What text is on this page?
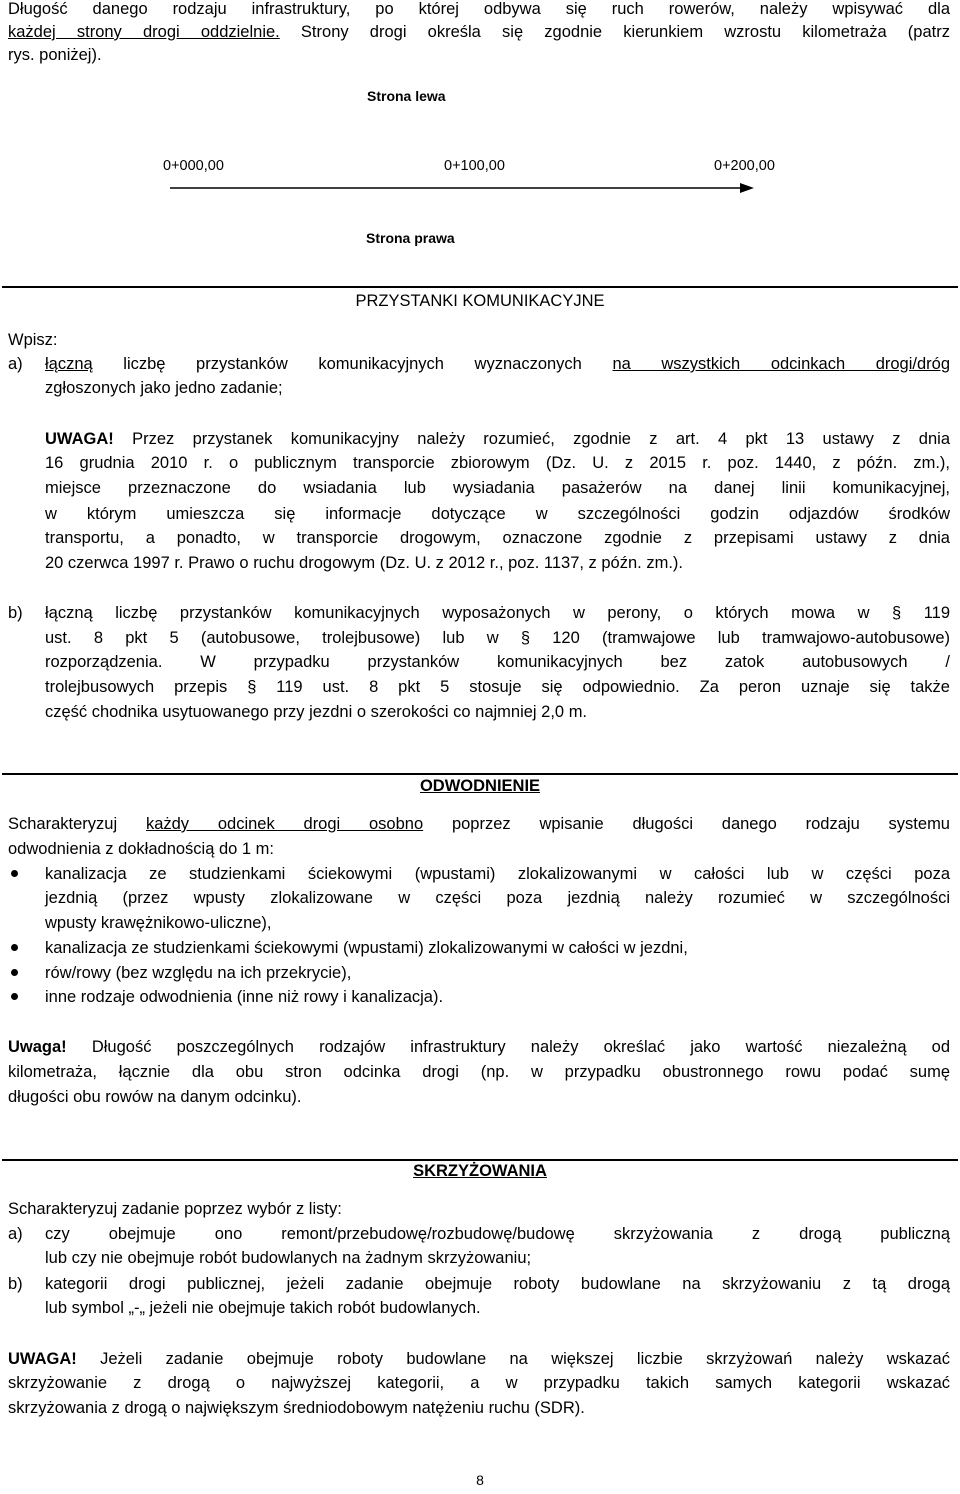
Długość danego rodzaju infrastruktury, po której odbywa się ruch rowerów, należy wpisywać dla
każdej strony drogi oddzielnie. Strony drogi określa się zgodnie kierunkiem wzrostu kilometraża (patrz
rys. poniżej).
Strona lewa
0+000,00	0+100,00	0+200,00
Strona prawa
PRZYSTANKI KOMUNIKACYJNE
Wpisz:
a)	łączną liczbę przystanków komunikacyjnych wyznaczonych na wszystkich odcinkach drogi/dróg
zgłoszonych jako jedno zadanie;
UWAGA! Przez przystanek komunikacyjny należy rozumieć, zgodnie z art. 4 pkt 13 ustawy z dnia
16 grudnia 2010 r. o publicznym transporcie zbiorowym (Dz. U. z 2015 r. poz. 1440, z późn. zm.),
miejsce przeznaczone do wsiadania lub wysiadania pasażerów na danej linii komunikacyjnej,
w którym umieszcza się informacje dotyczące w szczególności godzin odjazdów środków
transportu, a ponadto, w transporcie drogowym, oznaczone zgodnie z przepisami ustawy z dnia
20 czerwca 1997 r. Prawo o ruchu drogowym (Dz. U. z 2012 r., poz. 1137, z późn. zm.).
b)	łączną liczbę przystanków komunikacyjnych wyposażonych w perony, o których mowa w § 119
ust. 8 pkt 5 (autobusowe, trolejbusowe) lub w § 120 (tramwajowe lub tramwajowo-autobusowe)
rozporządzenia. W przypadku przystanków komunikacyjnych bez zatok autobusowych /
trolejbusowych przepis § 119 ust. 8 pkt 5 stosuje się odpowiednio. Za peron uznaje się także
część chodnika usytuowanego przy jezdni o szerokości co najmniej 2,0 m.
ODWODNIENIE
Scharakteryzuj każdy odcinek drogi osobno poprzez wpisanie długości danego rodzaju systemu
odwodnienia z dokładnością do 1 m:
kanalizacja ze studzienkami ściekowymi (wpustami) zlokalizowanymi w całości lub w części poza
jezdnią (przez wpusty zlokalizowane w części poza jezdnią należy rozumieć w szczególności
wpusty krawężnikowo-uliczne),
kanalizacja ze studzienkami ściekowymi (wpustami) zlokalizowanymi w całości w jezdni,
rów/rowy (bez względu na ich przekrycie),
inne rodzaje odwodnienia (inne niż rowy i kanalizacja).
Uwaga! Długość poszczególnych rodzajów infrastruktury należy określać jako wartość niezależną od
kilometraża, łącznie dla obu stron odcinka drogi (np. w przypadku obustronnego rowu podać sumę
długości obu rowów na danym odcinku).
SKRZYŻOWANIA
Scharakteryzuj zadanie poprzez wybór z listy:
a)	czy obejmuje ono remont/przebudowę/rozbudowę/budowę skrzyżowania z drogą publiczną
lub czy nie obejmuje robót budowlanych na żadnym skrzyżowaniu;
b)	kategorii drogi publicznej, jeżeli zadanie obejmuje roboty budowlane na skrzyżowaniu z tą drogą
lub symbol „-„ jeżeli nie obejmuje takich robót budowlanych.
UWAGA! Jeżeli zadanie obejmuje roboty budowlane na większej liczbie skrzyżowań należy wskazać
skrzyżowanie z drogą o najwyższej kategorii, a w przypadku takich samych kategorii wskazać
skrzyżowania z drogą o największym średniodobowym natężeniu ruchu (SDR).
8
